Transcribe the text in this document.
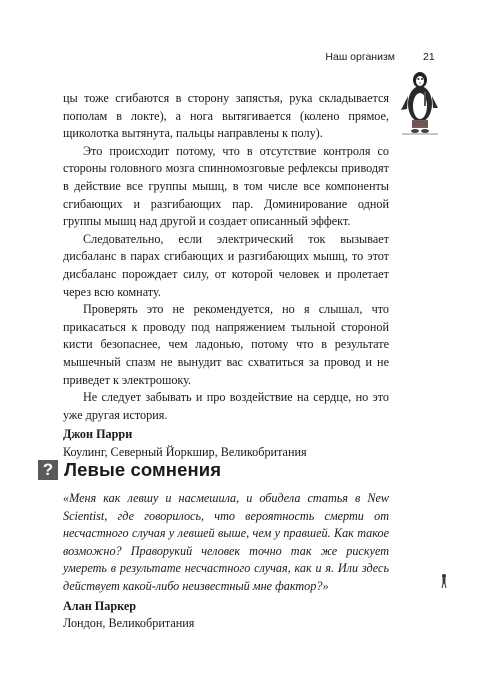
Наш организм	21

цы тоже сгибаются в сторону запястья, рука складывается пополам в локте), а нога вытягивается (колено прямое, щиколотка вытянута, пальцы направлены к полу).

Это происходит потому, что в отсутствие контроля со стороны головного мозга спинномозговые рефлексы приводят в действие все группы мышц, в том числе все компоненты сгибающих и разгибающих пар. Доминирование одной группы мышц над другой и создает описанный эффект.

Следовательно, если электрический ток вызывает дисбаланс в парах сгибающих и разгибающих мышц, то этот дисбаланс порождает силу, от которой человек и пролетает через всю комнату.

Проверять это не рекомендуется, но я слышал, что прикасаться к проводу под напряжением тыльной стороной кисти безопаснее, чем ладонью, потому что в результате мышечный спазм не вынудит вас схватиться за провод и не приведет к электрошоку.

Не следует забывать и про воздействие на сердце, но это уже другая история.

Джон Парри
Коулинг, Северный Йоркшир, Великобритания
? Левые сомнения

«Меня как левшу и насмешила, и обидела статья в New Scientist, где говорилось, что вероятность смерти от несчастного случая у левшей выше, чем у правшей. Как такое возможно? Праворукий человек точно так же рискует умереть в результате несчастного случая, как и я. Или здесь действует какой-либо неизвестный мне фактор?»

Алан Паркер
Лондон, Великобритания
